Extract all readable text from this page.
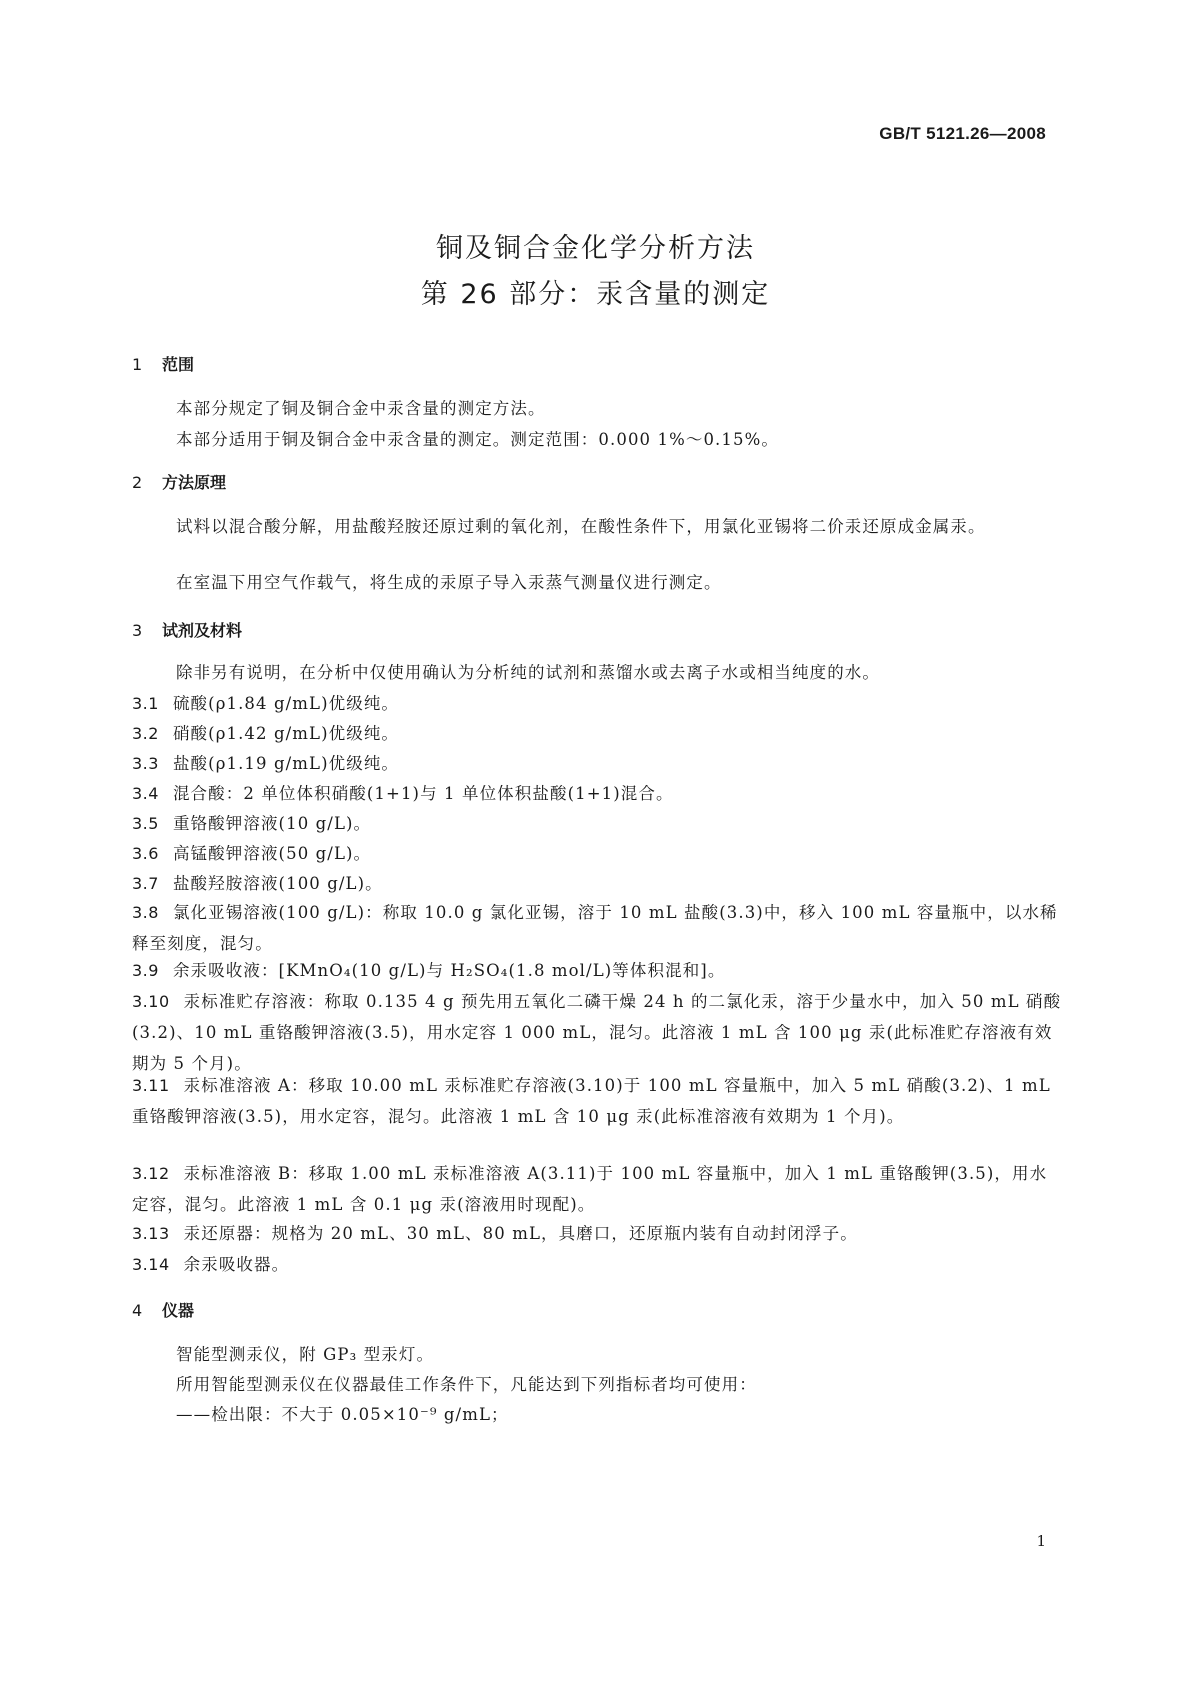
GB/T 5121.26—2008
铜及铜合金化学分析方法
第 26 部分：汞含量的测定
1 范围
本部分规定了铜及铜合金中汞含量的测定方法。
本部分适用于铜及铜合金中汞含量的测定。测定范围：0.000 1%～0.15%。
2 方法原理
试料以混合酸分解，用盐酸羟胺还原过剩的氧化剂，在酸性条件下，用氯化亚锡将二价汞还原成金属汞。
在室温下用空气作载气，将生成的汞原子导入汞蒸气测量仪进行测定。
3 试剂及材料
除非另有说明，在分析中仅使用确认为分析纯的试剂和蒸馏水或去离子水或相当纯度的水。
3.1 硫酸(ρ1.84 g/mL)优级纯。
3.2 硝酸(ρ1.42 g/mL)优级纯。
3.3 盐酸(ρ1.19 g/mL)优级纯。
3.4 混合酸：2 单位体积硝酸(1+1)与 1 单位体积盐酸(1+1)混合。
3.5 重铬酸钾溶液(10 g/L)。
3.6 高锰酸钾溶液(50 g/L)。
3.7 盐酸羟胺溶液(100 g/L)。
3.8 氯化亚锡溶液(100 g/L)：称取 10.0 g 氯化亚锡，溶于 10 mL 盐酸(3.3)中，移入 100 mL 容量瓶中，以水稀释至刻度，混匀。
3.9 余汞吸收液：[KMnO₄(10 g/L)与 H₂SO₄(1.8 mol/L)等体积混和]。
3.10 汞标准贮存溶液：称取 0.135 4 g 预先用五氧化二磷干燥 24 h 的二氯化汞，溶于少量水中，加入 50 mL 硝酸(3.2)、10 mL 重铬酸钾溶液(3.5)，用水定容 1 000 mL，混匀。此溶液 1 mL 含 100 μg 汞(此标准贮存溶液有效期为 5 个月)。
3.11 汞标准溶液 A：移取 10.00 mL 汞标准贮存溶液(3.10)于 100 mL 容量瓶中，加入 5 mL 硝酸(3.2)、1 mL 重铬酸钾溶液(3.5)，用水定容，混匀。此溶液 1 mL 含 10 μg 汞(此标准溶液有效期为 1 个月)。
3.12 汞标准溶液 B：移取 1.00 mL 汞标准溶液 A(3.11)于 100 mL 容量瓶中，加入 1 mL 重铬酸钾(3.5)，用水定容，混匀。此溶液 1 mL 含 0.1 μg 汞(溶液用时现配)。
3.13 汞还原器：规格为 20 mL、30 mL、80 mL，具磨口，还原瓶内装有自动封闭浮子。
3.14 余汞吸收器。
4 仪器
智能型测汞仪，附 GP₃ 型汞灯。
所用智能型测汞仪在仪器最佳工作条件下，凡能达到下列指标者均可使用：
——检出限：不大于 0.05×10⁻⁹ g/mL；
1
